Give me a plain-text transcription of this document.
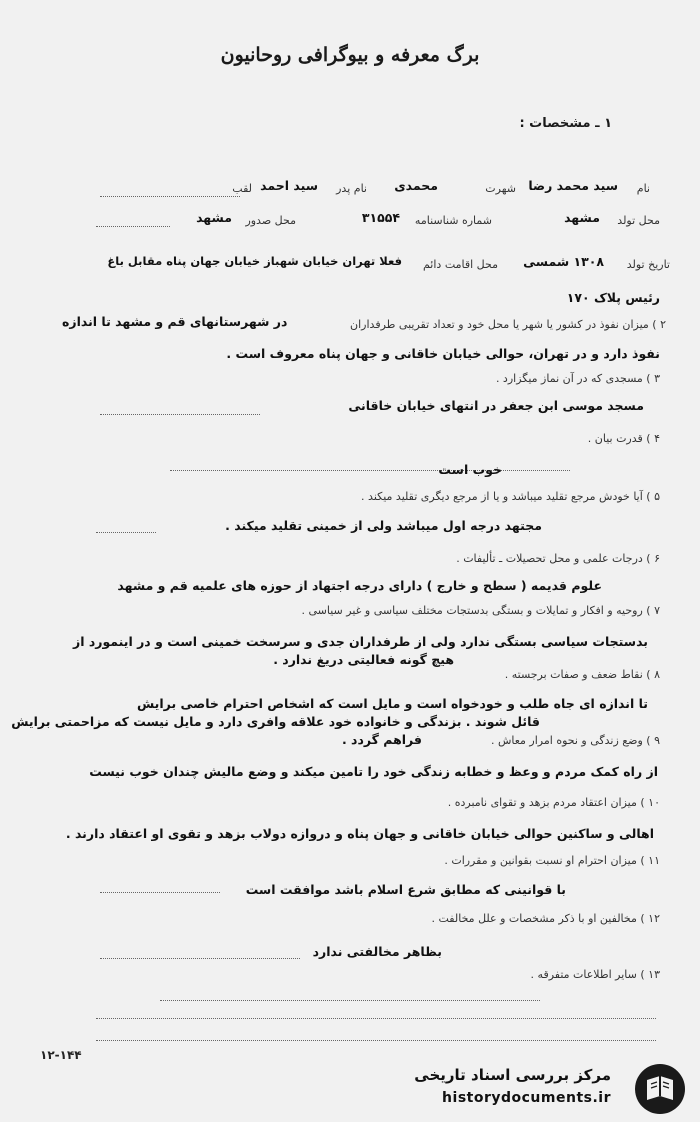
برگ معرفه و بیوگرافی روحانیون
۱ ـ مشخصات :
نام
سید محمد رضا
شهرت
محمدی
نام پدر
سید احمد
لقب
محل تولد
مشهد
شماره شناسنامه
۳۱۵۵۴
محل صدور
مشهد
تاریخ تولد
۱۳۰۸ شمسی
محل اقامت دائم
فعلا تهران خیابان شهباز خیابان جهان پناه مقابل باغ
رئیس پلاک ۱۷۰
۲ ) میزان نفوذ در کشور یا شهر یا محل خود و تعداد تقریبی طرفداران
در شهرستانهای قم و مشهد تا اندازه
نفوذ دارد و در تهران، حوالی خیابان خاقانی و جهان پناه معروف است .
۳ ) مسجدی که در آن نماز میگزارد .
مسجد موسی ابن جعفر در انتهای خیابان خاقانی
۴ ) قدرت بیان .
خوب است
۵ ) آیا خودش مرجع تقلید میباشد و یا از مرجع دیگری تقلید میکند .
مجتهد درجه اول میباشد ولی از خمینی تقلید میکند .
۶ ) درجات علمی و محل تحصیلات ـ تألیفات .
علوم قدیمه ( سطح و خارج ) دارای درجه اجتهاد از حوزه های علمیه قم و مشهد
۷ ) روحیه و افکار و تمایلات و بستگی بدستجات مختلف سیاسی و غیر سیاسی .
بدستجات سیاسی بستگی ندارد ولی از طرفداران جدی و سرسخت خمینی است و در اینمورد از
هیچ گونه فعالیتی دریغ ندارد .
۸ ) نقاط ضعف و صفات برجسته .
تا اندازه ای جاه طلب و خودخواه است و مایل است که اشخاص احترام خاصی برایش
قائل شوند . بزندگی و خانواده خود علاقه وافری دارد و مایل نیست که مزاحمتی برایش
فراهم گردد .	۹ ) وضع زندگی و نحوه امرار معاش .
از راه کمک مردم و وعظ و خطابه زندگی خود را تامین میکند و وضع مالیش چندان خوب نیست
۱۰ ) میزان اعتقاد مردم بزهد و تقوای نامبرده .
اهالی و ساکنین حوالی خیابان خاقانی و جهان پناه و دروازه دولاب بزهد و تقوی او اعتقاد دارند .
۱۱ ) میزان احترام او نسبت بقوانین و مقررات .
با قوانینی که مطابق شرع اسلام باشد موافقت است
۱۲ ) مخالفین او با ذکر مشخصات و علل مخالفت .
بظاهر مخالفتی ندارد
۱۳ ) سایر اطلاعات متفرقه .
۱۲-۱۴۴
مرکز بررسی اسناد تاریخی
historydocuments.ir
